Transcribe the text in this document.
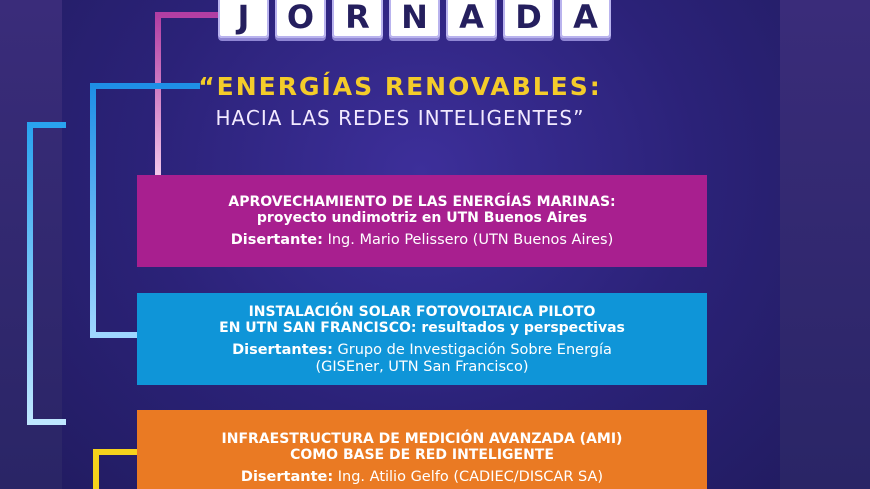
J	O R N A D A
“ENERGÍAS RENOVABLES:
HACIA LAS REDES INTELIGENTES”
APROVECHAMIENTO DE LAS ENERGÍAS MARINAS:
proyecto undimotriz en UTN Buenos Aires
Disertante: Ing. Mario Pelissero (UTN Buenos Aires)
INSTALACIÓN SOLAR FOTOVOLTAICA PILOTO
EN UTN SAN FRANCISCO: resultados y perspectivas
Disertantes: Grupo de Investigación Sobre Energía
(GISEner, UTN San Francisco)
INFRAESTRUCTURA DE MEDICIÓN AVANZADA (AMI)
COMO BASE DE RED INTELIGENTE
Disertante: Ing. Atilio Gelfo (CADIEC/DISCAR SA)
